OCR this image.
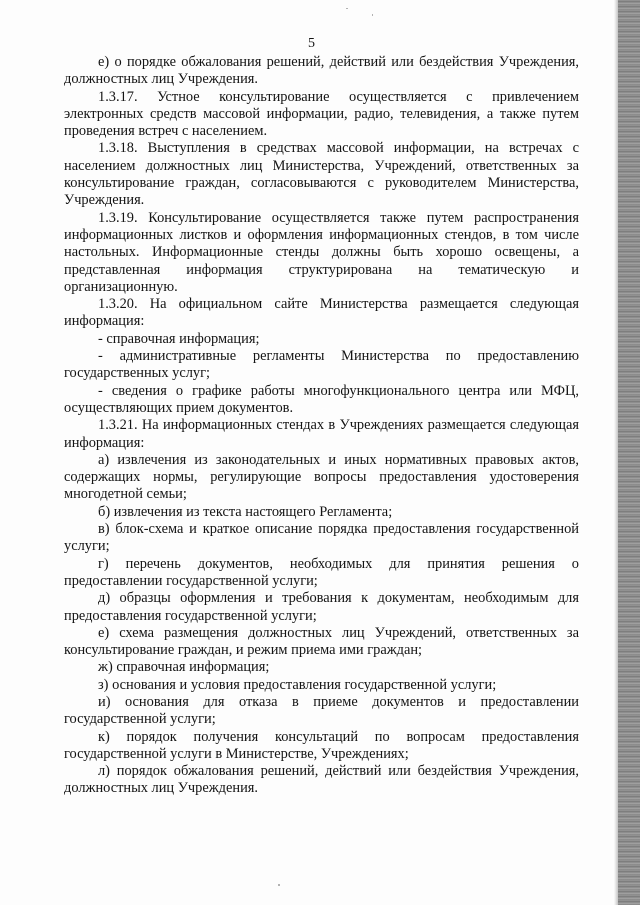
5

е) о порядке обжалования решений, действий или бездействия Учреждения, должностных лиц Учреждения.

1.3.17. Устное консультирование осуществляется с привлечением электронных средств массовой информации, радио, телевидения, а также путем проведения встреч с населением.

1.3.18. Выступления в средствах массовой информации, на встречах с населением должностных лиц Министерства, Учреждений, ответственных за консультирование граждан, согласовываются с руководителем Министерства, Учреждения.

1.3.19. Консультирование осуществляется также путем распространения информационных листков и оформления информационных стендов, в том числе настольных. Информационные стенды должны быть хорошо освещены, а представленная информация структурирована на тематическую и организационную.

1.3.20. На официальном сайте Министерства размещается следующая информация:

- справочная информация;

- административные регламенты Министерства по предоставлению государственных услуг;

- сведения о графике работы многофункционального центра или МФЦ, осуществляющих прием документов.

1.3.21. На информационных стендах в Учреждениях размещается следующая информация:

а) извлечения из законодательных и иных нормативных правовых актов, содержащих нормы, регулирующие вопросы предоставления удостоверения многодетной семьи;

б) извлечения из текста настоящего Регламента;

в) блок-схема и краткое описание порядка предоставления государственной услуги;

г) перечень документов, необходимых для принятия решения о предоставлении государственной услуги;

д) образцы оформления и требования к документам, необходимым для предоставления государственной услуги;

е) схема размещения должностных лиц Учреждений, ответственных за консультирование граждан, и режим приема ими граждан;

ж) справочная информация;

з) основания и условия предоставления государственной услуги;

и) основания для отказа в приеме документов и предоставлении государственной услуги;

к) порядок получения консультаций по вопросам предоставления государственной услуги в Министерстве, Учреждениях;

л) порядок обжалования решений, действий или бездействия Учреждения, должностных лиц Учреждения.
